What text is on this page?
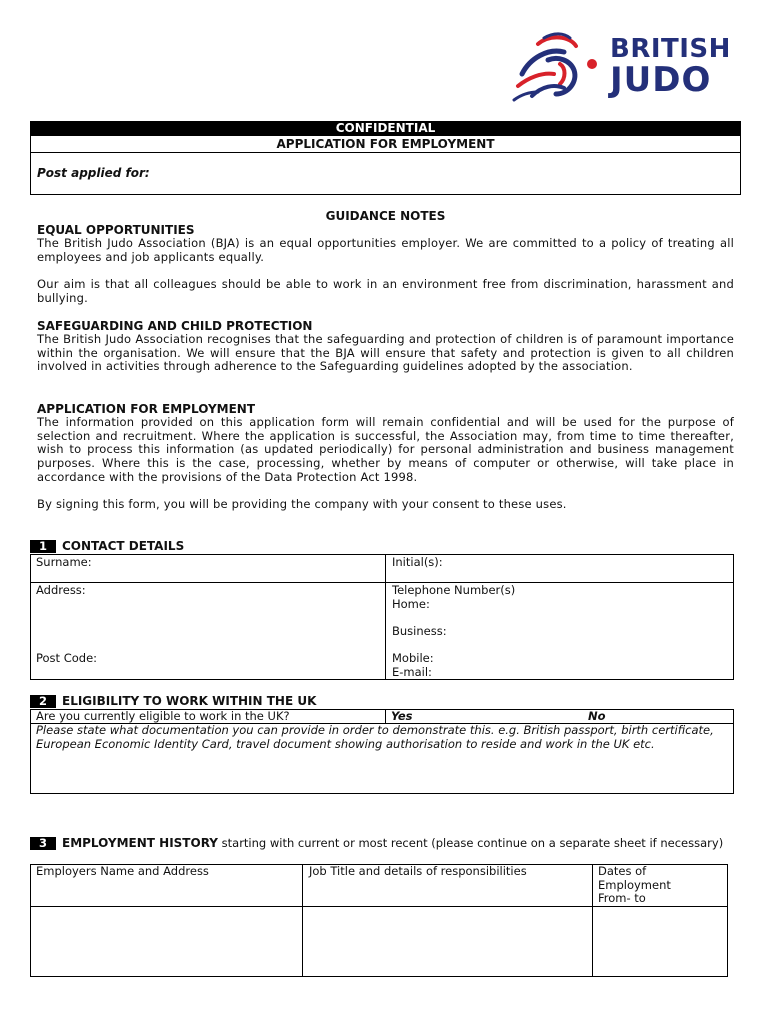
BRITISH
JUDO
CONFIDENTIAL
APPLICATION FOR EMPLOYMENT
Post applied for:
GUIDANCE NOTES
EQUAL OPPORTUNITIES
The British Judo Association (BJA) is an equal opportunities employer. We are committed to a policy of treating all employees and job applicants equally.
Our aim is that all colleagues should be able to work in an environment free from discrimination, harassment and bullying.
SAFEGUARDING AND CHILD PROTECTION
The British Judo Association recognises that the safeguarding and protection of children is of paramount importance within the organisation. We will ensure that the BJA will ensure that safety and protection is given to all children involved in activities through adherence to the Safeguarding guidelines adopted by the association.
APPLICATION FOR EMPLOYMENT
The information provided on this application form will remain confidential and will be used for the purpose of selection and recruitment. Where the application is successful, the Association may, from time to time thereafter, wish to process this information (as updated periodically) for personal administration and business management purposes. Where this is the case, processing, whether by means of computer or otherwise, will take place in accordance with the provisions of the Data Protection Act 1998.
By signing this form, you will be providing the company with your consent to these uses.
1	CONTACT DETAILS
Surname:	Initial(s):
Address:	Telephone Number(s)
Home:
Business:
Post Code:	Mobile:
E-mail:
2	ELIGIBILITY TO WORK WITHIN THE UK
Are you currently eligible to work in the UK?	Yes	No
Please state what documentation you can provide in order to demonstrate this. e.g. British passport, birth certificate, European Economic Identity Card, travel document showing authorisation to reside and work in the UK etc.
3	EMPLOYMENT HISTORY starting with current or most recent (please continue on a separate sheet if necessary)
Employers Name and Address	Job Title and details of responsibilities	Dates of Employment From- to
